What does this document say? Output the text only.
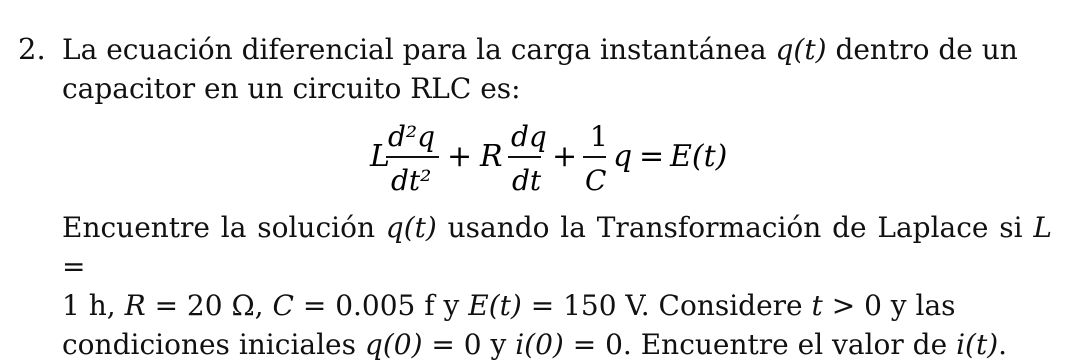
2. La ecuación diferencial para la carga instantánea q(t) dentro de un
capacitor en un circuito RLC es:
L
d²q
dt²
+ R
dq
dt
+
1
C
q = E(t)
Encuentre la solución q(t) usando la Transformación de Laplace si L =
1 h, R = 20 Ω, C = 0.005 f y E(t) = 150 V. Considere t > 0 y las
condiciones iniciales q(0) = 0 y i(0) = 0. Encuentre el valor de i(t).
